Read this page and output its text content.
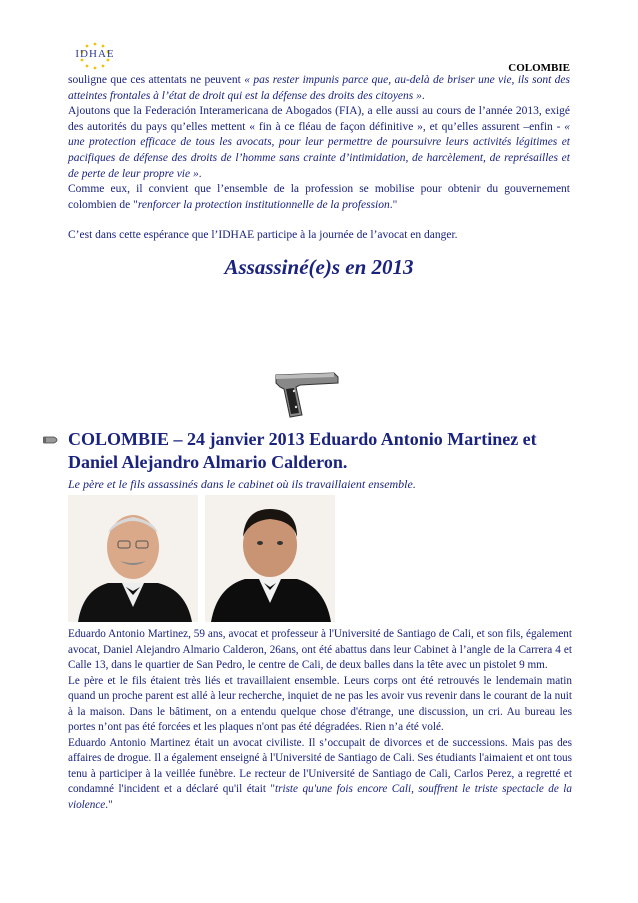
IDHAE
COLOMBIE

souligne que ces attentats ne peuvent « pas rester impunis parce que, au-delà de briser une vie, ils sont des atteintes frontales à l’état de droit qui est la défense des droits des citoyens ».

Ajoutons que la Federación Interamericana de Abogados (FIA), a elle aussi au cours de l’année 2013, exigé des autorités du pays qu’elles mettent « fin à ce fléau de façon définitive », et qu’elles assurent –enfin - « une protection efficace de tous les avocats, pour leur permettre de poursuivre leurs activités légitimes et pacifiques de défense des droits de l’homme sans crainte d’intimidation, de harcèlement, de représailles et de perte de leur propre vie ».

Comme eux, il convient que l’ensemble de la profession se mobilise pour obtenir du gouvernement colombien de "renforcer la protection institutionnelle de la profession."

C’est dans cette espérance que l’IDHAE participe à la journée de l’avocat en danger.

Assassiné(e)s en 2013
COLOMBIE – 24 janvier 2013 Eduardo Antonio Martinez et Daniel Alejandro Almario Calderon.
Le père et le fils assassinés dans le cabinet où ils travaillaient ensemble.

Eduardo Antonio Martinez, 59 ans, avocat et professeur à l'Université de Santiago de Cali, et son fils, également avocat, Daniel Alejandro Almario Calderon, 26ans, ont été abattus dans leur Cabinet à l’angle de la Carrera 4 et Calle 13, dans le quartier de San Pedro, le centre de Cali, de deux balles dans la tête avec un pistolet 9 mm.

Le père et le fils étaient très liés et travaillaient ensemble. Leurs corps ont été retrouvés le lendemain matin quand un proche parent est allé à leur recherche, inquiet de ne pas les avoir vus revenir dans le courant de la nuit à la maison. Dans le bâtiment, on a entendu quelque chose d'étrange, une discussion, un cri. Au bureau les portes n’ont pas été forcées et les plaques n'ont pas été dégradées. Rien n’a été volé.

Eduardo Antonio Martinez était un avocat civiliste. Il s’occupait de divorces et de successions. Mais pas des affaires de drogue. Il a également enseigné à l'Université de Santiago de Cali. Ses étudiants l'aimaient et ont tous tenu à participer à la veillée funèbre. Le recteur de l'Université de Santiago de Cali, Carlos Perez, a regretté et condamné l'incident et a déclaré qu'il était "triste qu'une fois encore Cali, souffrent le triste spectacle de la violence."
